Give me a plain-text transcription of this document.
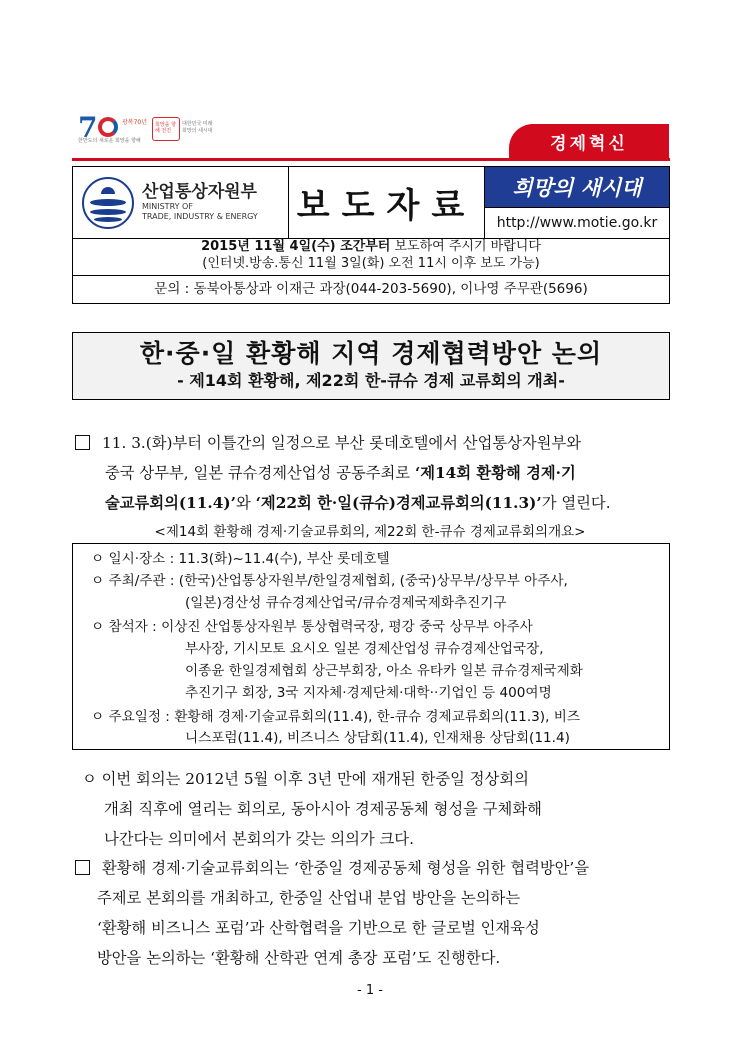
7	광복70년
한반도의 새로운 희망을 향해
희망을 향해 전진
대한민국 미래
희망의 새시대
경제혁신
산업통상자원부
MINISTRY OF
TRADE, INDUSTRY & ENERGY 보도자료	희망의 새시대
http://www.motie.go.kr
2015년 11월 4일(수) 조간부터 보도하여 주시기 바랍니다
(인터넷.방송.통신 11월 3일(화) 오전 11시 이후 보도 가능)
문의 : 동북아통상과 이재근 과장(044-203-5690), 이나영 주무관(5696)
한·중·일 환황해 지역 경제협력방안 논의
- 제14회 환황해, 제22회 한-큐슈 경제 교류회의 개최-
11. 3.(화)부터 이틀간의 일정으로 부산 롯데호텔에서 산업통상자원부와
중국 상무부, 일본 큐슈경제산업성 공동주최로 ‘제14회 환황해 경제·기
술교류회의(11.4)’와 ‘제22회 한·일(큐슈)경제교류회의(11.3)’가 열린다.
<제14회 환황해 경제·기술교류회의, 제22회 한-큐슈 경제교류회의개요>
ㅇ 일시·장소 : 11.3(화)~11.4(수), 부산 롯데호텔
ㅇ 주최/주관 : (한국)산업통상자원부/한일경제협회, (중국)상무부/상무부 아주사,
(일본)경산성 큐슈경제산업국/큐슈경제국제화추진기구
ㅇ 참석자 : 이상진 산업통상자원부 통상협력국장, 평강 중국 상무부 아주사
부사장, 기시모토 요시오 일본 경제산업성 큐슈경제산업국장,
이종윤 한일경제협회 상근부회장, 아소 유타카 일본 큐슈경제국제화
추진기구 회장, 3국 지자체·경제단체·대학··기업인 등 400여명
ㅇ 주요일정 : 환황해 경제·기술교류회의(11.4), 한-큐슈 경제교류회의(11.3), 비즈
니스포럼(11.4), 비즈니스 상담회(11.4), 인재채용 상담회(11.4)
ㅇ 이번 회의는 2012년 5월 이후 3년 만에 재개된 한중일 정상회의
개최 직후에 열리는 회의로, 동아시아 경제공동체 형성을 구체화해
나간다는 의미에서 본회의가 갖는 의의가 크다.
환황해 경제·기술교류회의는 ‘한중일 경제공동체 형성을 위한 협력방안’을
주제로 본회의를 개최하고, 한중일 산업내 분업 방안을 논의하는
‘환황해 비즈니스 포럼’과 산학협력을 기반으로 한 글로벌 인재육성
방안을 논의하는 ‘환황해 산학관 연계 총장 포럼’도 진행한다.
- 1 -
